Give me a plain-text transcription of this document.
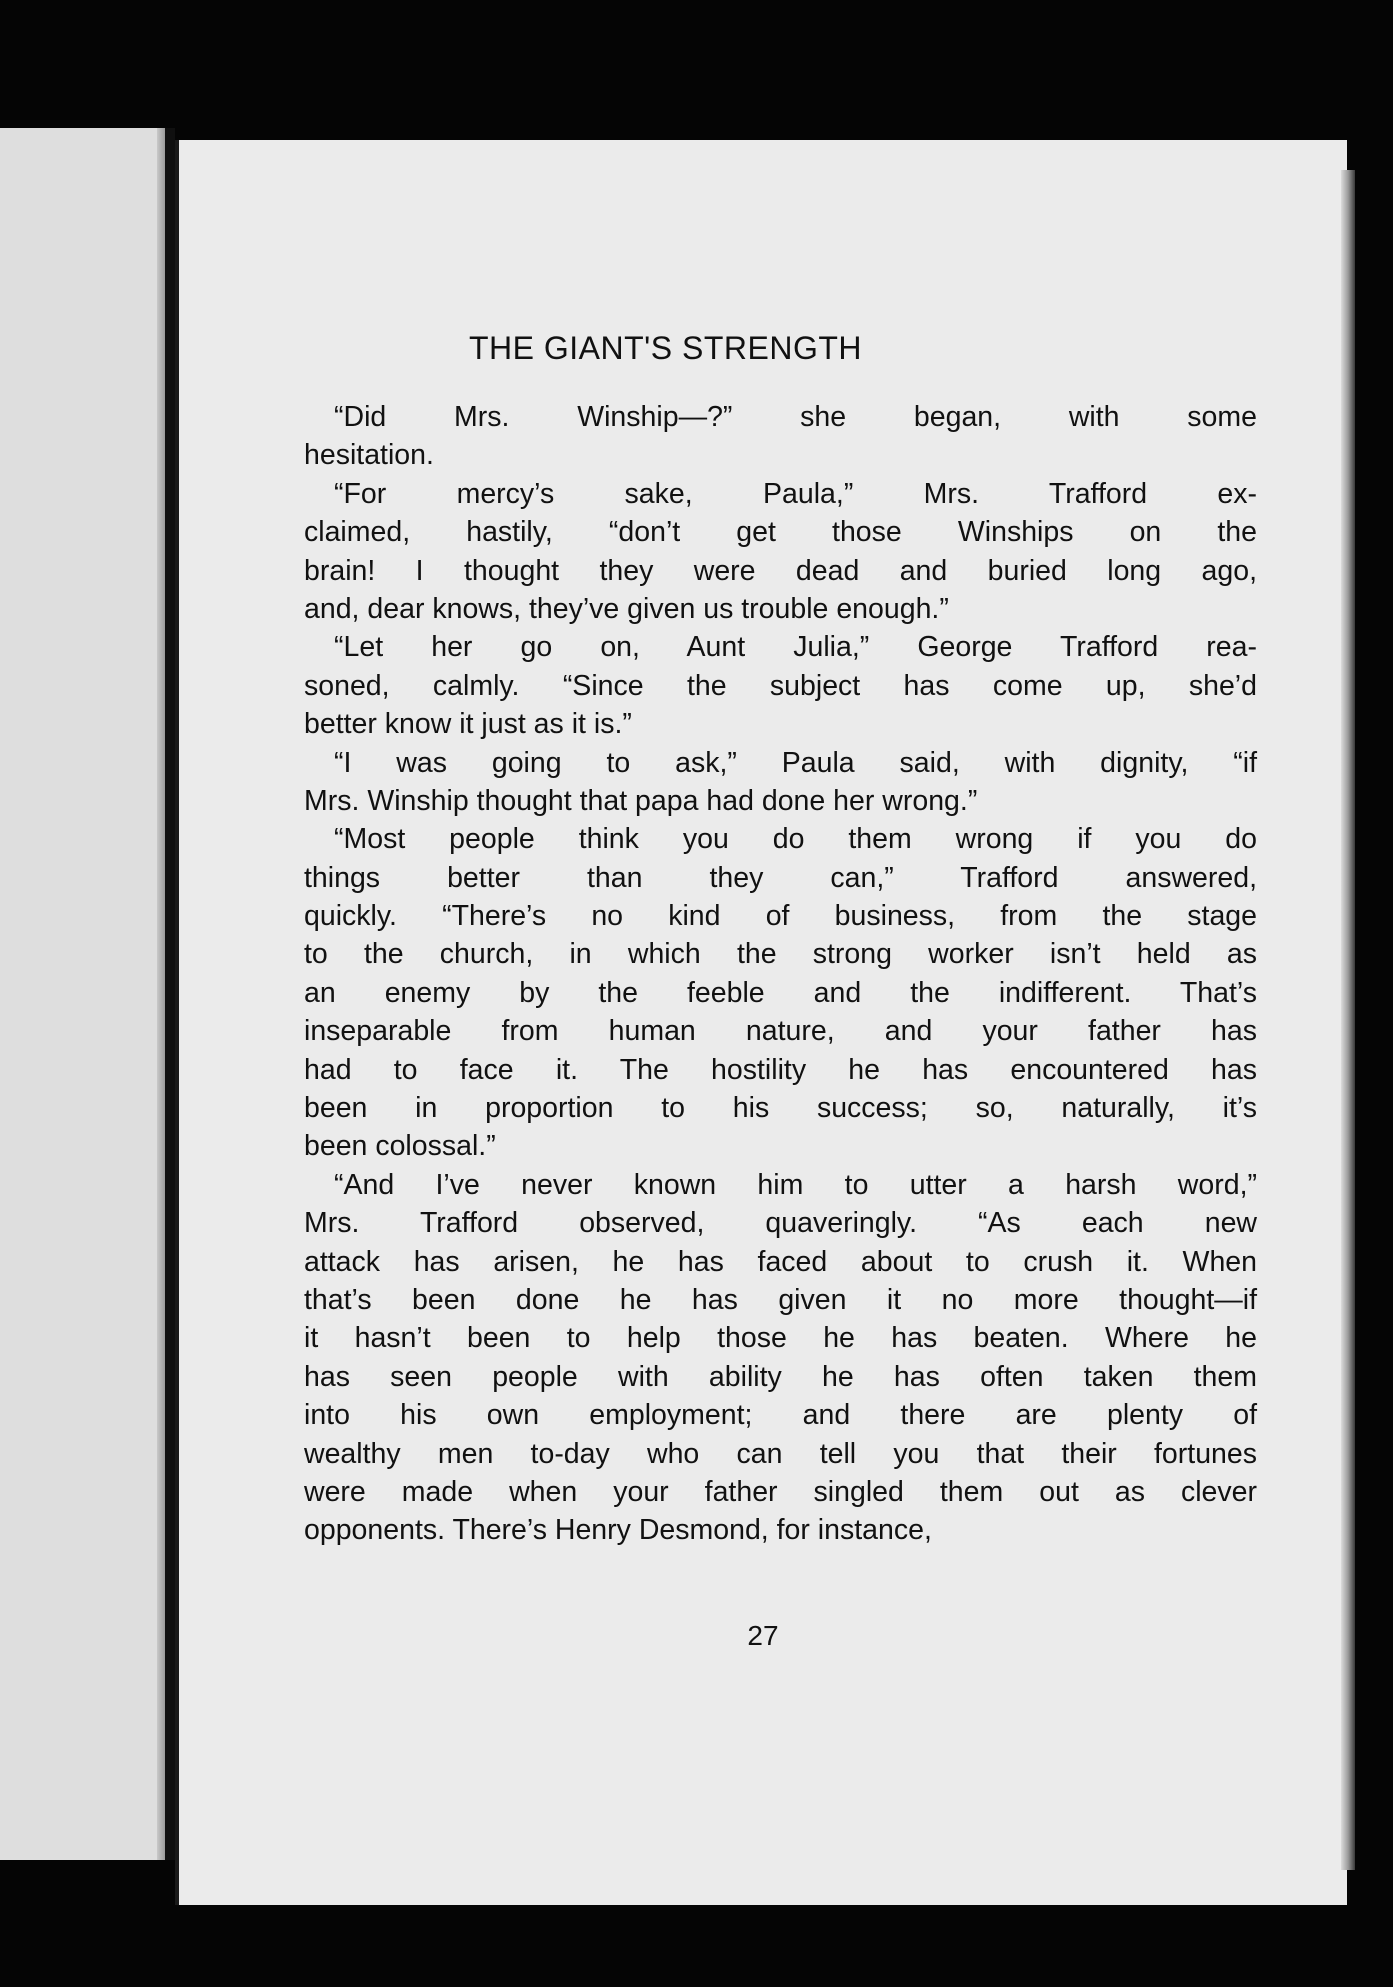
THE GIANT'S STRENGTH
“Did Mrs. Winship—?” she began, with some
hesitation.
“For mercy’s sake, Paula,” Mrs. Trafford ex-
claimed, hastily, “don’t get those Winships on the
brain! I thought they were dead and buried long ago,
and, dear knows, they’ve given us trouble enough.”
“Let her go on, Aunt Julia,” George Trafford rea-
soned, calmly. “Since the subject has come up, she’d
better know it just as it is.”
“I was going to ask,” Paula said, with dignity, “if
Mrs. Winship thought that papa had done her wrong.”
“Most people think you do them wrong if you do
things better than they can,” Trafford answered,
quickly. “There’s no kind of business, from the stage
to the church, in which the strong worker isn’t held as
an enemy by the feeble and the indifferent. That’s
inseparable from human nature, and your father has
had to face it. The hostility he has encountered has
been in proportion to his success; so, naturally, it’s
been colossal.”
“And I’ve never known him to utter a harsh word,”
Mrs. Trafford observed, quaveringly. “As each new
attack has arisen, he has faced about to crush it. When
that’s been done he has given it no more thought—if
it hasn’t been to help those he has beaten. Where he
has seen people with ability he has often taken them
into his own employment; and there are plenty of
wealthy men to-day who can tell you that their fortunes
were made when your father singled them out as clever
opponents. There’s Henry Desmond, for instance,
27
